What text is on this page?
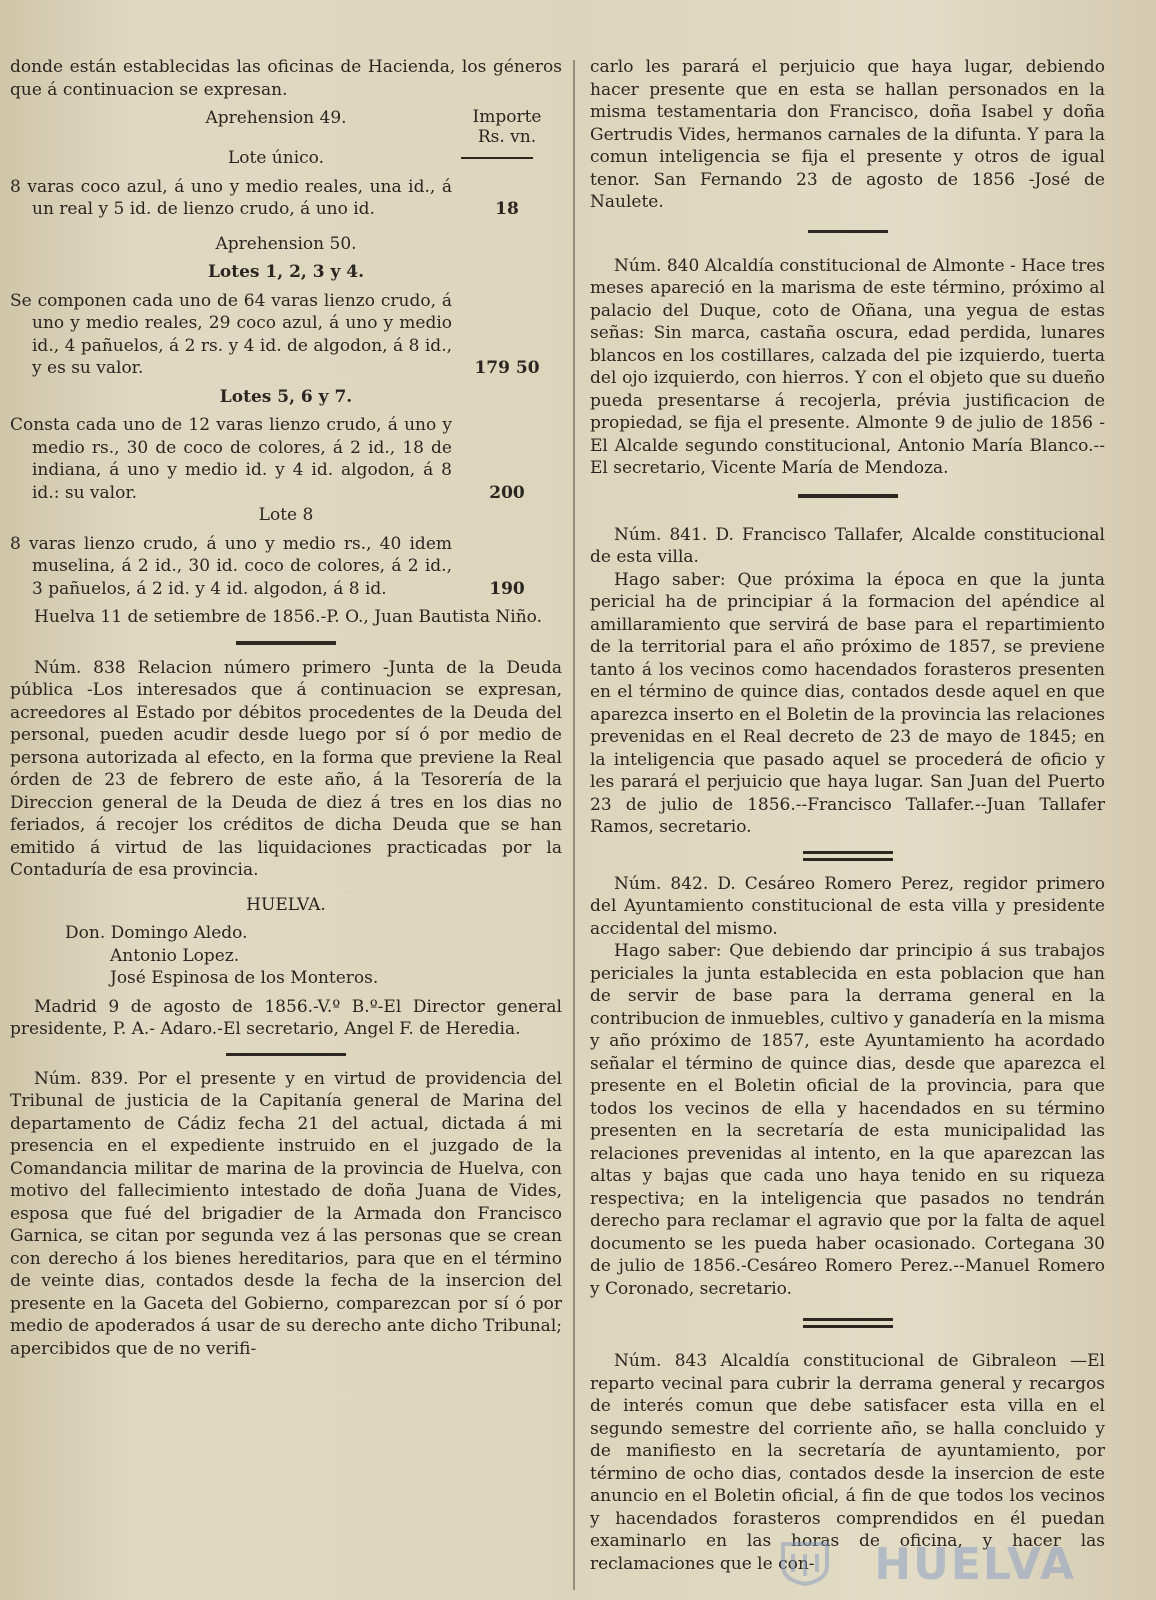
donde están establecidas las oficinas de Hacienda, los géneros que á continuacion se expresan.

Aprehension 49.	Importe
Rs. vn.
Lote único.

8 varas coco azul, á uno y medio reales, una id., á un real y 5 id. de lienzo crudo, á uno id.	18

Aprehension 50.

Lotes 1, 2, 3 y 4.

Se componen cada uno de 64 varas lienzo crudo, á uno y medio reales, 29 coco azul, á uno y medio id., 4 pañuelos, á 2 rs. y 4 id. de algodon, á 8 id., y es su valor.	179 50

Lotes 5, 6 y 7.

Consta cada uno de 12 varas lienzo crudo, á uno y medio rs., 30 de coco de colores, á 2 id., 18 de indiana, á uno y medio id. y 4 id. algodon, á 8 id.: su valor.	200

Lote 8

8 varas lienzo crudo, á uno y medio rs., 40 idem muselina, á 2 id., 30 id. coco de colores, á 2 id., 3 pañuelos, á 2 id. y 4 id. algodon, á 8 id.	190

Huelva 11 de setiembre de 1856.-P. O., Juan Bautista Niño.

Núm. 838 Relacion número primero -Junta de la Deuda pública -Los interesados que á continuacion se expresan, acreedores al Estado por débitos procedentes de la Deuda del personal, pueden acudir desde luego por sí ó por medio de persona autorizada al efecto, en la forma que previene la Real órden de 23 de febrero de este año, á la Tesorería de la Direccion general de la Deuda de diez á tres en los dias no feriados, á recojer los créditos de dicha Deuda que se han emitido á virtud de las liquidaciones practicadas por la Contaduría de esa provincia.

HUELVA.

Don. Domingo Aledo.

Antonio Lopez.

José Espinosa de los Monteros.

Madrid 9 de agosto de 1856.-V.º B.º-El Director general presidente, P. A.- Adaro.-El secretario, Angel F. de Heredia.

Núm. 839. Por el presente y en virtud de providencia del Tribunal de justicia de la Capitanía general de Marina del departamento de Cádiz fecha 21 del actual, dictada á mi presencia en el expediente instruido en el juzgado de la Comandancia militar de marina de la provincia de Huelva, con motivo del fallecimiento intestado de doña Juana de Vides, esposa que fué del brigadier de la Armada don Francisco Garnica, se citan por segunda vez á las personas que se crean con derecho á los bienes hereditarios, para que en el término de veinte dias, contados desde la fecha de la insercion del presente en la Gaceta del Gobierno, comparezcan por sí ó por medio de apoderados á usar de su derecho ante dicho Tribunal; apercibidos que de no verifi-

carlo les parará el perjuicio que haya lugar, debiendo hacer presente que en esta se hallan personados en la misma testamentaria don Francisco, doña Isabel y doña Gertrudis Vides, hermanos carnales de la difunta. Y para la comun inteligencia se fija el presente y otros de igual tenor. San Fernando 23 de agosto de 1856 -José de Naulete.

Núm. 840 Alcaldía constitucional de Almonte - Hace tres meses apareció en la marisma de este término, próximo al palacio del Duque, coto de Oñana, una yegua de estas señas: Sin marca, castaña oscura, edad perdida, lunares blancos en los costillares, calzada del pie izquierdo, tuerta del ojo izquierdo, con hierros. Y con el objeto que su dueño pueda presentarse á recojerla, prévia justificacion de propiedad, se fija el presente. Almonte 9 de julio de 1856 -El Alcalde segundo constitucional, Antonio María Blanco.--El secretario, Vicente María de Mendoza.

Núm. 841. D. Francisco Tallafer, Alcalde constitucional de esta villa.

Hago saber: Que próxima la época en que la junta pericial ha de principiar á la formacion del apéndice al amillaramiento que servirá de base para el repartimiento de la territorial para el año próximo de 1857, se previene tanto á los vecinos como hacendados forasteros presenten en el término de quince dias, contados desde aquel en que aparezca inserto en el Boletin de la provincia las relaciones prevenidas en el Real decreto de 23 de mayo de 1845; en la inteligencia que pasado aquel se procederá de oficio y les parará el perjuicio que haya lugar. San Juan del Puerto 23 de julio de 1856.--Francisco Tallafer.--Juan Tallafer Ramos, secretario.

Núm. 842. D. Cesáreo Romero Perez, regidor primero del Ayuntamiento constitucional de esta villa y presidente accidental del mismo.

Hago saber: Que debiendo dar principio á sus trabajos periciales la junta establecida en esta poblacion que han de servir de base para la derrama general en la contribucion de inmuebles, cultivo y ganadería en la misma y año próximo de 1857, este Ayuntamiento ha acordado señalar el término de quince dias, desde que aparezca el presente en el Boletin oficial de la provincia, para que todos los vecinos de ella y hacendados en su término presenten en la secretaría de esta municipalidad las relaciones prevenidas al intento, en la que aparezcan las altas y bajas que cada uno haya tenido en su riqueza respectiva; en la inteligencia que pasados no tendrán derecho para reclamar el agravio que por la falta de aquel documento se les pueda haber ocasionado. Cortegana 30 de julio de 1856.-Cesáreo Romero Perez.--Manuel Romero y Coronado, secretario.

Núm. 843 Alcaldía constitucional de Gibraleon —El reparto vecinal para cubrir la derrama general y recargos de interés comun que debe satisfacer esta villa en el segundo semestre del corriente año, se halla concluido y de manifiesto en la secretaría de ayuntamiento, por término de ocho dias, contados desde la insercion de este anuncio en el Boletin oficial, á fin de que todos los vecinos y hacendados forasteros comprendidos en él puedan examinarlo en las horas de oficina, y hacer las reclamaciones que le con-	HUELVA
